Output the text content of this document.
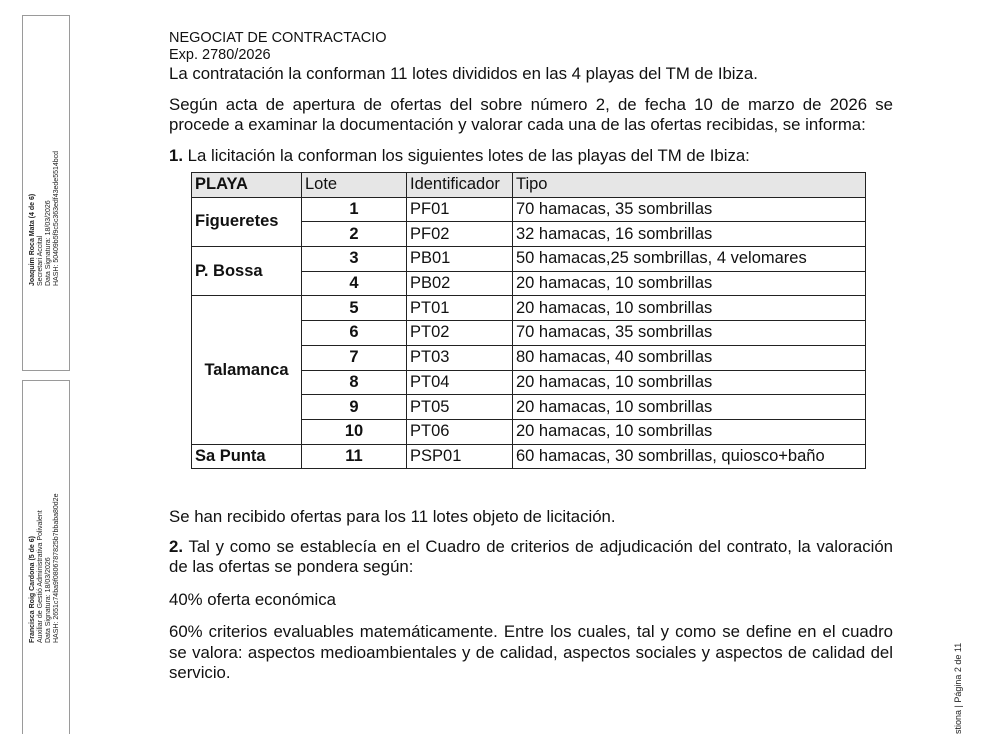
Joaquim Roca Mata (4 de 6) Secretari Accital Data Signatura: 18/03/2026 HASH: 50409b5f9c5c363edf43ede5514bcd
Francisca Roig Cardona (5 de 6) Auxiliar de Gestió Administrativa Polivalent Data Signatura: 18/03/2026 HASH: 2651c74ba9f0806787825b7bbaba80d2e
stiona | Página 2 de 11

NEGOCIAT DE CONTRACTACIO

Exp. 2780/2026

La contratación la conforman 11 lotes divididos en las 4 playas del TM de Ibiza.

Según acta de apertura de ofertas del sobre número 2, de fecha 10 de marzo de 2026 se procede a examinar la documentación y valorar cada una de las ofertas recibidas, se informa:

1. La licitación la conforman los siguientes lotes de las playas del TM de Ibiza:

PLAYA	Lote	Identificador	Tipo
Figueretes	1	PF01	70 hamacas, 35 sombrillas
	2	PF02	32 hamacas, 16 sombrillas
P. Bossa	3	PB01	50 hamacas,25 sombrillas, 4 velomares
	4	PB02	20 hamacas, 10 sombrillas
Talamanca	5	PT01	20 hamacas, 10 sombrillas
	6	PT02	70 hamacas, 35 sombrillas
	7	PT03	80 hamacas, 40 sombrillas
	8	PT04	20 hamacas, 10 sombrillas
	9	PT05	20 hamacas, 10 sombrillas
	10	PT06	20 hamacas, 10 sombrillas
Sa Punta	11	PSP01	60 hamacas, 30 sombrillas, quiosco+baño

Se han recibido ofertas para los 11 lotes objeto de licitación.

2. Tal y como se establecía en el Cuadro de criterios de adjudicación del contrato, la valoración de las ofertas se pondera según:

40% oferta económica

60% criterios evaluables matemáticamente. Entre los cuales, tal y como se define en el cuadro se valora: aspectos medioambientales y de calidad, aspectos sociales y aspectos de calidad del servicio.
